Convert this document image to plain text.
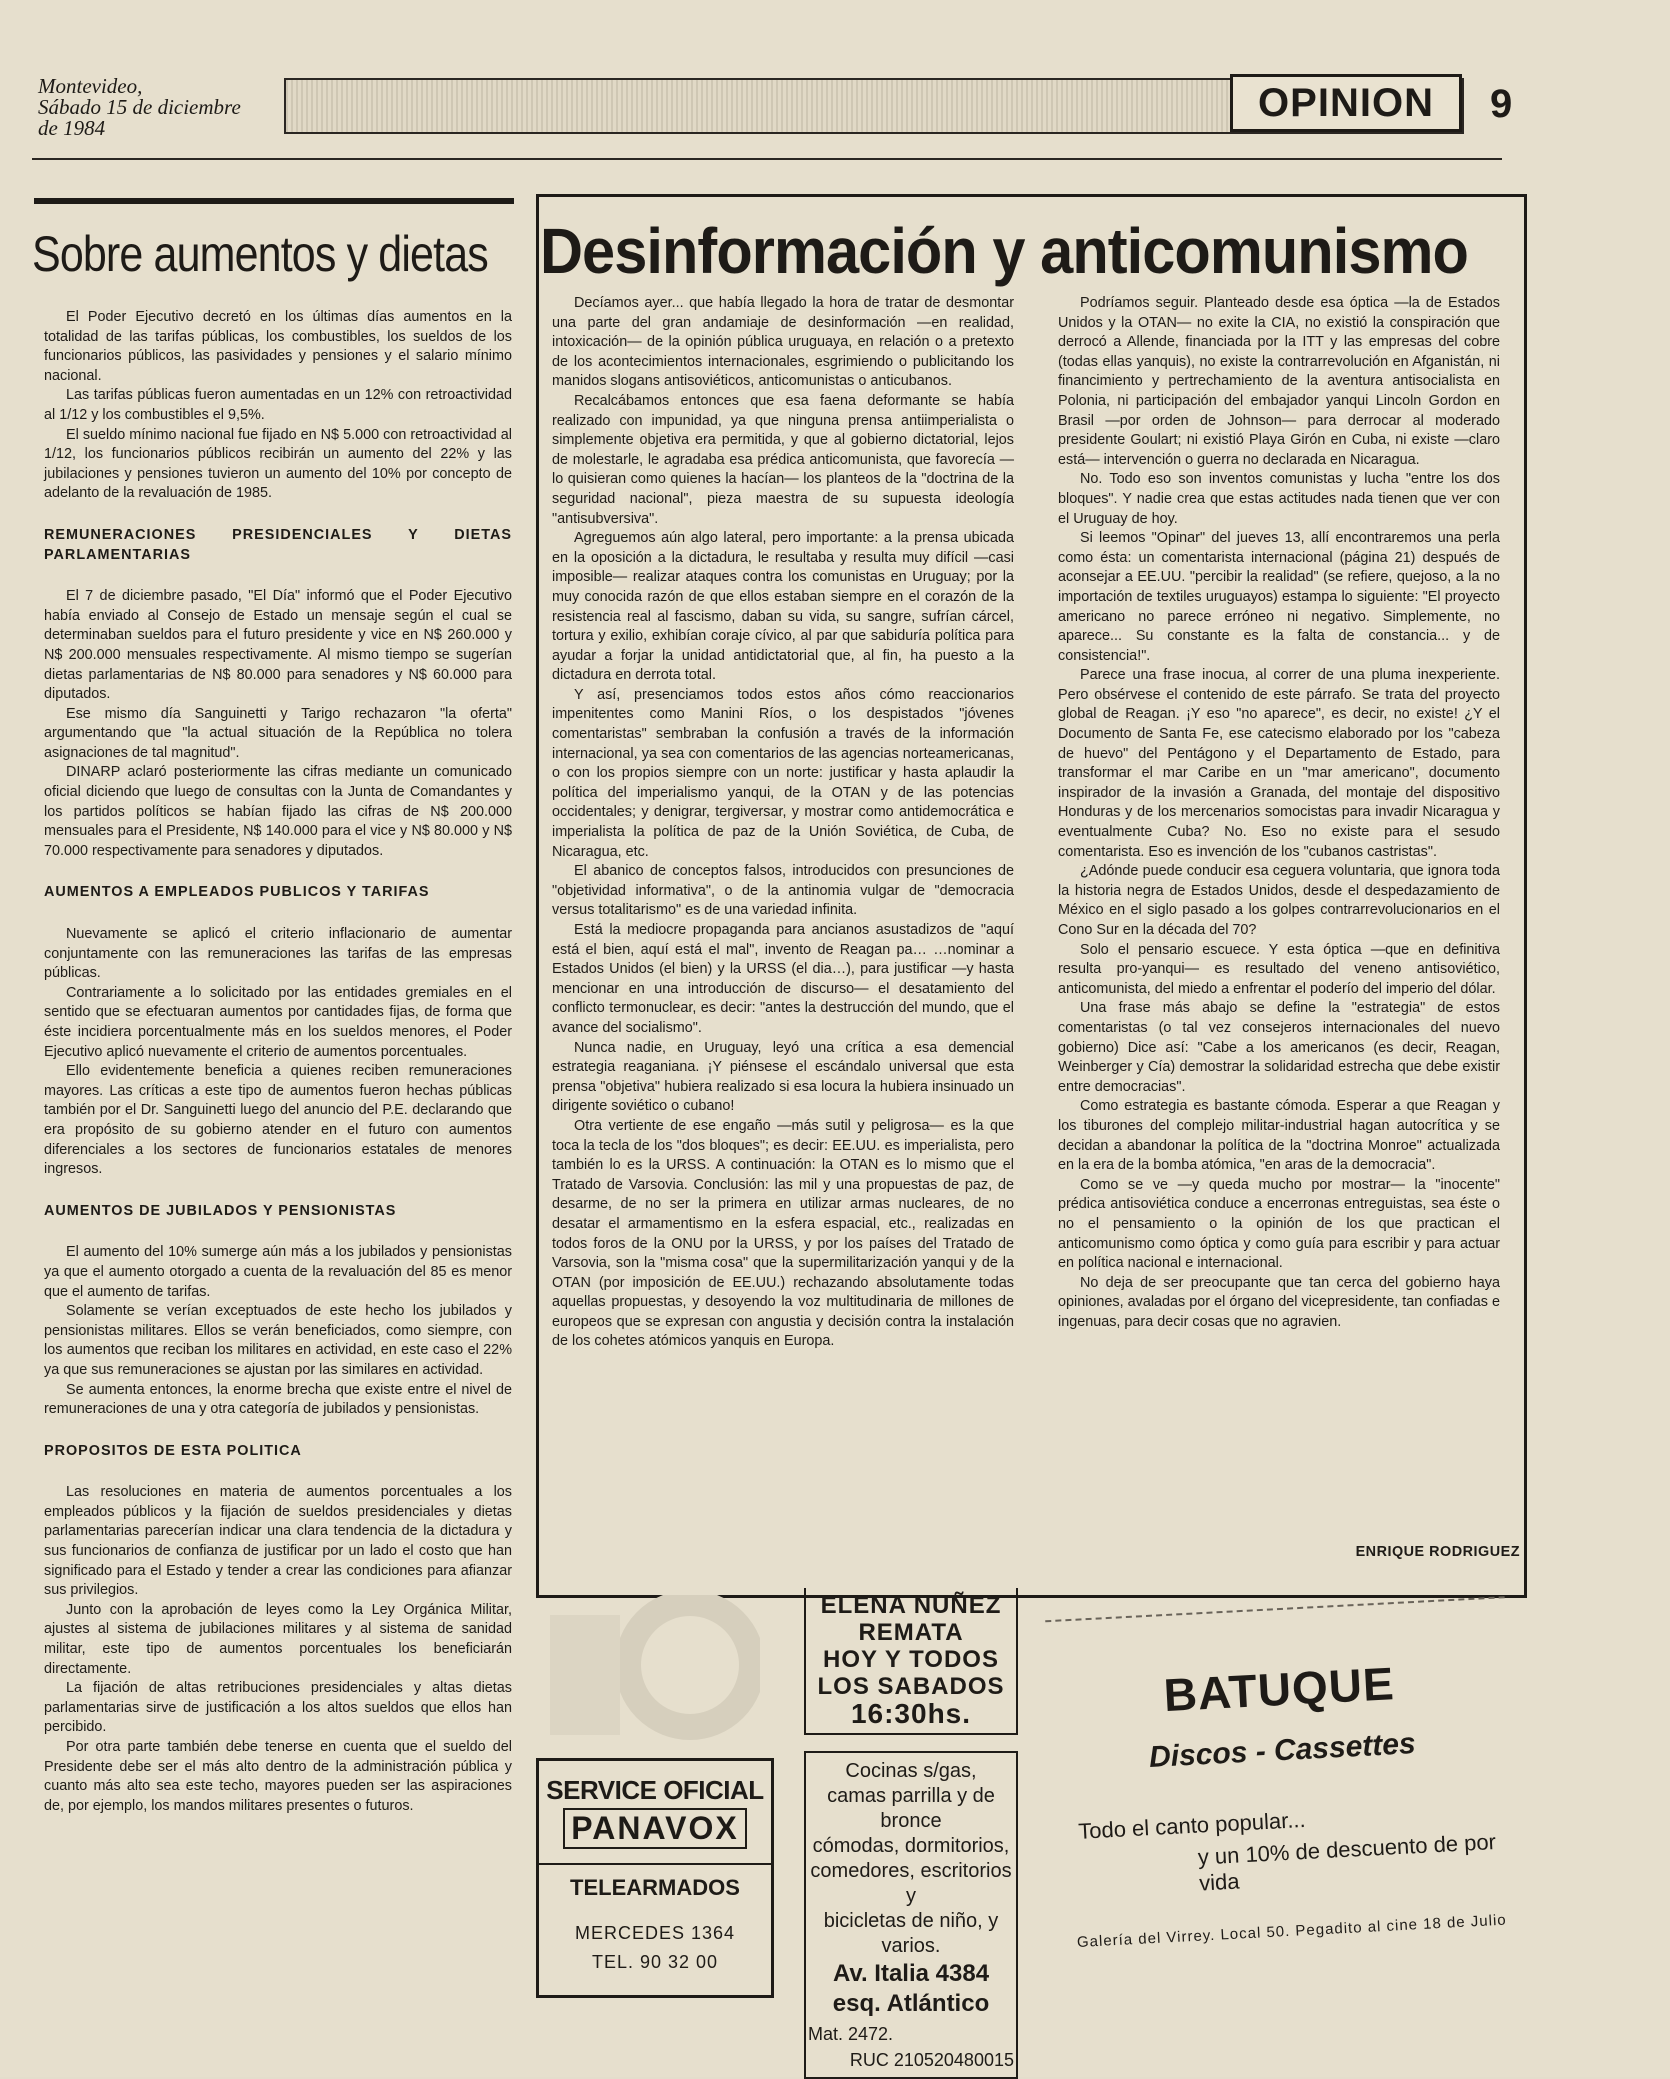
Montevideo,
Sábado 15 de diciembre
de 1984
OPINION	9
Sobre aumentos y dietas

El Poder Ejecutivo decretó en los últimas días aumentos en la totalidad de las tarifas públicas, los combustibles, los sueldos de los funcionarios públicos, las pasividades y pensiones y el salario mínimo nacional.

Las tarifas públicas fueron aumentadas en un 12% con retroactividad al 1/12 y los combustibles el 9,5%.

El sueldo mínimo nacional fue fijado en N$ 5.000 con retroactividad al 1/12, los funcionarios públicos recibirán un aumento del 22% y las jubilaciones y pensiones tuvieron un aumento del 10% por concepto de adelanto de la revaluación de 1985.

REMUNERACIONES PRESIDENCIALES Y DIETAS PARLAMENTARIAS

El 7 de diciembre pasado, "El Día" informó que el Poder Ejecutivo había enviado al Consejo de Estado un mensaje según el cual se determinaban sueldos para el futuro presidente y vice en N$ 260.000 y N$ 200.000 mensuales respectivamente. Al mismo tiempo se sugerían dietas parlamentarias de N$ 80.000 para senadores y N$ 60.000 para diputados.

Ese mismo día Sanguinetti y Tarigo rechazaron "la oferta" argumentando que "la actual situación de la República no tolera asignaciones de tal magnitud".

DINARP aclaró posteriormente las cifras mediante un comunicado oficial diciendo que luego de consultas con la Junta de Comandantes y los partidos políticos se habían fijado las cifras de N$ 200.000 mensuales para el Presidente, N$ 140.000 para el vice y N$ 80.000 y N$ 70.000 respectivamente para senadores y diputados.

AUMENTOS A EMPLEADOS PUBLICOS Y TARIFAS

Nuevamente se aplicó el criterio inflacionario de aumentar conjuntamente con las remuneraciones las tarifas de las empresas públicas.

Contrariamente a lo solicitado por las entidades gremiales en el sentido que se efectuaran aumentos por cantidades fijas, de forma que éste incidiera porcentualmente más en los sueldos menores, el Poder Ejecutivo aplicó nuevamente el criterio de aumentos porcentuales.

Ello evidentemente beneficia a quienes reciben remuneraciones mayores. Las críticas a este tipo de aumentos fueron hechas públicas también por el Dr. Sanguinetti luego del anuncio del P.E. declarando que era propósito de su gobierno atender en el futuro con aumentos diferenciales a los sectores de funcionarios estatales de menores ingresos.

AUMENTOS DE JUBILADOS Y PENSIONISTAS

El aumento del 10% sumerge aún más a los jubilados y pensionistas ya que el aumento otorgado a cuenta de la revaluación del 85 es menor que el aumento de tarifas.

Solamente se verían exceptuados de este hecho los jubilados y pensionistas militares. Ellos se verán beneficiados, como siempre, con los aumentos que reciban los militares en actividad, en este caso el 22% ya que sus remuneraciones se ajustan por las similares en actividad.

Se aumenta entonces, la enorme brecha que existe entre el nivel de remuneraciones de una y otra categoría de jubilados y pensionistas.

PROPOSITOS DE ESTA POLITICA

Las resoluciones en materia de aumentos porcentuales a los empleados públicos y la fijación de sueldos presidenciales y dietas parlamentarias parecerían indicar una clara tendencia de la dictadura y sus funcionarios de confianza de justificar por un lado el costo que han significado para el Estado y tender a crear las condiciones para afianzar sus privilegios.

Junto con la aprobación de leyes como la Ley Orgánica Militar, ajustes al sistema de jubilaciones militares y al sistema de sanidad militar, este tipo de aumentos porcentuales los beneficiarán directamente.

La fijación de altas retribuciones presidenciales y altas dietas parlamentarias sirve de justificación a los altos sueldos que ellos han percibido.

Por otra parte también debe tenerse en cuenta que el sueldo del Presidente debe ser el más alto dentro de la administración pública y cuanto más alto sea este techo, mayores pueden ser las aspiraciones de, por ejemplo, los mandos militares presentes o futuros.

Desinformación y anticomunismo

Decíamos ayer... que había llegado la hora de tratar de desmontar una parte del gran andamiaje de desinformación —en realidad, intoxicación— de la opinión pública uruguaya, en relación o a pretexto de los acontecimientos internacionales, esgrimiendo o publicitando los manidos slogans antisoviéticos, anticomunistas o anticubanos.

Recalcábamos entonces que esa faena deformante se había realizado con impunidad, ya que ninguna prensa antiimperialista o simplemente objetiva era permitida, y que al gobierno dictatorial, lejos de molestarle, le agradaba esa prédica anticomunista, que favorecía —lo quisieran como quienes la hacían— los planteos de la "doctrina de la seguridad nacional", pieza maestra de su supuesta ideología "antisubversiva".

Agreguemos aún algo lateral, pero importante: a la prensa ubicada en la oposición a la dictadura, le resultaba y resulta muy difícil —casi imposible— realizar ataques contra los comunistas en Uruguay; por la muy conocida razón de que ellos estaban siempre en el corazón de la resistencia real al fascismo, daban su vida, su sangre, sufrían cárcel, tortura y exilio, exhibían coraje cívico, al par que sabiduría política para ayudar a forjar la unidad antidictatorial que, al fin, ha puesto a la dictadura en derrota total.

Y así, presenciamos todos estos años cómo reaccionarios impenitentes como Manini Ríos, o los despistados "jóvenes comentaristas" sembraban la confusión a través de la información internacional, ya sea con comentarios de las agencias norteamericanas, o con los propios siempre con un norte: justificar y hasta aplaudir la política del imperialismo yanqui, de la OTAN y de las potencias occidentales; y denigrar, tergiversar, y mostrar como antidemocrática e imperialista la política de paz de la Unión Soviética, de Cuba, de Nicaragua, etc.

El abanico de conceptos falsos, introducidos con presunciones de "objetividad informativa", o de la antinomia vulgar de "democracia versus totalitarismo" es de una variedad infinita.

Está la mediocre propaganda para ancianos asustadizos de "aquí está el bien, aquí está el mal", invento de Reagan pa… …nominar a Estados Unidos (el bien) y la URSS (el dia…), para justificar —y hasta mencionar en una introducción de discurso— el desatamiento del conflicto termonuclear, es decir: "antes la destrucción del mundo, que el avance del socialismo".

Nunca nadie, en Uruguay, leyó una crítica a esa demencial estrategia reaganiana. ¡Y piénsese el escándalo universal que esta prensa "objetiva" hubiera realizado si esa locura la hubiera insinuado un dirigente soviético o cubano!

Otra vertiente de ese engaño —más sutil y peligrosa— es la que toca la tecla de los "dos bloques"; es decir: EE.UU. es imperialista, pero también lo es la URSS. A continuación: la OTAN es lo mismo que el Tratado de Varsovia. Conclusión: las mil y una propuestas de paz, de desarme, de no ser la primera en utilizar armas nucleares, de no desatar el armamentismo en la esfera espacial, etc., realizadas en todos foros de la ONU por la URSS, y por los países del Tratado de Varsovia, son la "misma cosa" que la supermilitarización yanqui y de la OTAN (por imposición de EE.UU.) rechazando absolutamente todas aquellas propuestas, y desoyendo la voz multitudinaria de millones de europeos que se expresan con angustia y decisión contra la instalación de los cohetes atómicos yanquis en Europa.

Podríamos seguir. Planteado desde esa óptica —la de Estados Unidos y la OTAN— no exite la CIA, no existió la conspiración que derrocó a Allende, financiada por la ITT y las empresas del cobre (todas ellas yanquis), no existe la contrarrevolución en Afganistán, ni financimiento y pertrechamiento de la aventura antisocialista en Polonia, ni participación del embajador yanqui Lincoln Gordon en Brasil —por orden de Johnson— para derrocar al moderado presidente Goulart; ni existió Playa Girón en Cuba, ni existe —claro está— intervención o guerra no declarada en Nicaragua.

No. Todo eso son inventos comunistas y lucha "entre los dos bloques". Y nadie crea que estas actitudes nada tienen que ver con el Uruguay de hoy.

Si leemos "Opinar" del jueves 13, allí encontraremos una perla como ésta: un comentarista internacional (página 21) después de aconsejar a EE.UU. "percibir la realidad" (se refiere, quejoso, a la no importación de textiles uruguayos) estampa lo siguiente: "El proyecto americano no parece erróneo ni negativo. Simplemente, no aparece... Su constante es la falta de constancia... y de consistencia!".

Parece una frase inocua, al correr de una pluma inexperiente. Pero obsérvese el contenido de este párrafo. Se trata del proyecto global de Reagan. ¡Y eso "no aparece", es decir, no existe! ¿Y el Documento de Santa Fe, ese catecismo elaborado por los "cabeza de huevo" del Pentágono y el Departamento de Estado, para transformar el mar Caribe en un "mar americano", documento inspirador de la invasión a Granada, del montaje del dispositivo Honduras y de los mercenarios somocistas para invadir Nicaragua y eventualmente Cuba? No. Eso no existe para el sesudo comentarista. Eso es invención de los "cubanos castristas".

¿Adónde puede conducir esa ceguera voluntaria, que ignora toda la historia negra de Estados Unidos, desde el despedazamiento de México en el siglo pasado a los golpes contrarrevolucionarios en el Cono Sur en la década del 70?

Solo el pensario escuece. Y esta óptica —que en definitiva resulta pro-yanqui— es resultado del veneno antisoviético, anticomunista, del miedo a enfrentar el poderío del imperio del dólar.

Una frase más abajo se define la "estrategia" de estos comentaristas (o tal vez consejeros internacionales del nuevo gobierno) Dice así: "Cabe a los americanos (es decir, Reagan, Weinberger y Cía) demostrar la solidaridad estrecha que debe existir entre democracias".

Como estrategia es bastante cómoda. Esperar a que Reagan y los tiburones del complejo militar-industrial hagan autocrítica y se decidan a abandonar la política de la "doctrina Monroe" actualizada en la era de la bomba atómica, "en aras de la democracia".

Como se ve —y queda mucho por mostrar— la "inocente" prédica antisoviética conduce a encerronas entreguistas, sea éste o no el pensamiento o la opinión de los que practican el anticomunismo como óptica y como guía para escribir y para actuar en política nacional e internacional.

No deja de ser preocupante que tan cerca del gobierno haya opiniones, avaladas por el órgano del vicepresidente, tan confiadas e ingenuas, para decir cosas que no agravien.

ENRIQUE RODRIGUEZ
SERVICE OFICIAL
PANAVOX
TELEARMADOS
MERCEDES 1364
TEL. 90 32 00
ELENA NUÑEZ
REMATA
HOY Y TODOS
LOS SABADOS
16:30hs.
Cocinas s/gas,
camas parrilla y de bronce
cómodas, dormitorios,
comedores, escritorios y
bicicletas de niño, y varios.
Av. Italia 4384
esq. Atlántico
Mat. 2472.
RUC 210520480015
BATUQUE
Discos - Cassettes
Todo el canto popular...
y un 10% de descuento de por vida
Galería del Virrey. Local 50. Pegadito al cine 18 de Julio
